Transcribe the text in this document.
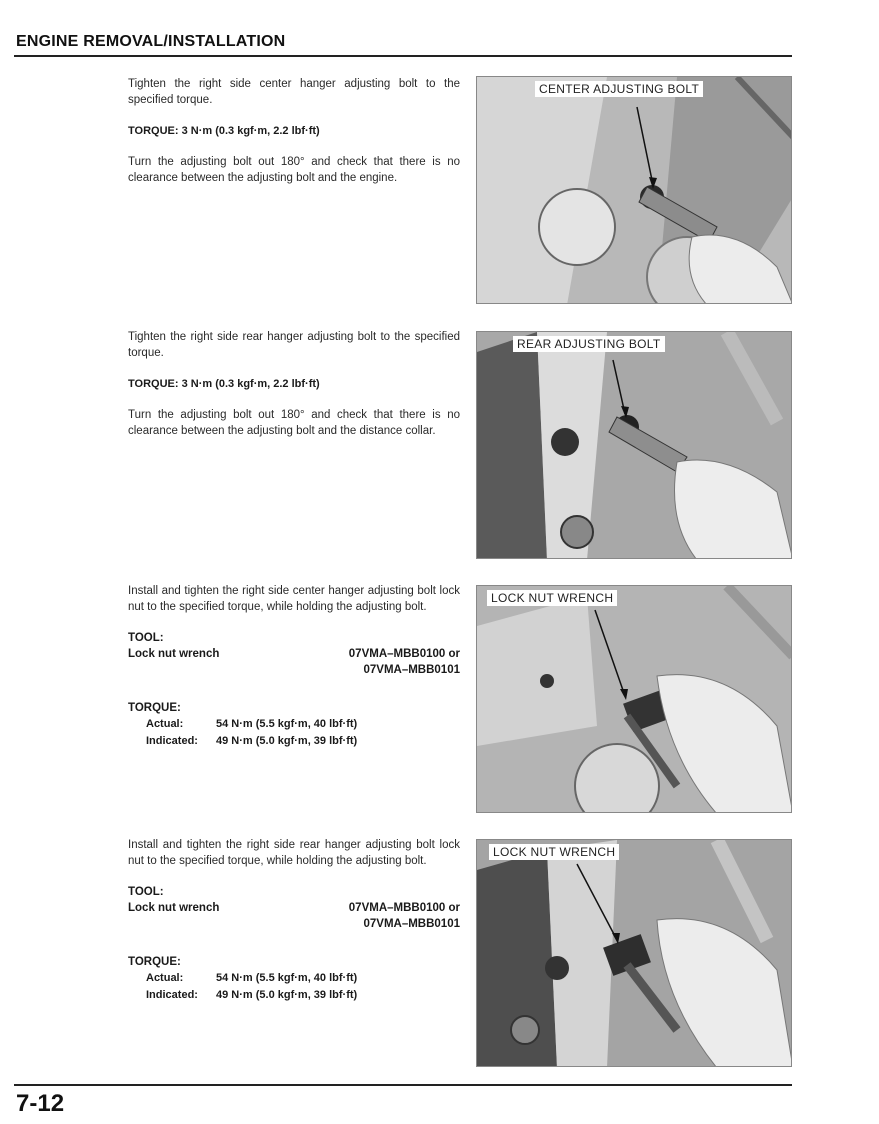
ENGINE REMOVAL/INSTALLATION

Tighten the right side center hanger adjusting bolt to the specified torque.

TORQUE: 3 N·m (0.3 kgf·m, 2.2 lbf·ft)

Turn the adjusting bolt out 180° and check that there is no clearance between the adjusting bolt and the engine.

CENTER ADJUSTING BOLT

Tighten the right side rear hanger adjusting bolt to the specified torque.

TORQUE: 3 N·m (0.3 kgf·m, 2.2 lbf·ft)

Turn the adjusting bolt out 180° and check that there is no clearance between the adjusting bolt and the distance collar.

REAR ADJUSTING BOLT

Install and tighten the right side center hanger adjusting bolt lock nut to the specified torque, while holding the adjusting bolt.

TOOL:
Lock nut wrench	07VMA–MBB0100 or
07VMA–MBB0101
TORQUE:
Actual:	54 N·m (5.5 kgf·m, 40 lbf·ft)
Indicated:	49 N·m (5.0 kgf·m, 39 lbf·ft)
LOCK NUT WRENCH

Install and tighten the right side rear hanger adjusting bolt lock nut to the specified torque, while holding the adjusting bolt.

TOOL:
Lock nut wrench	07VMA–MBB0100 or
07VMA–MBB0101
TORQUE:
Actual:	54 N·m (5.5 kgf·m, 40 lbf·ft)
Indicated:	49 N·m (5.0 kgf·m, 39 lbf·ft)
LOCK NUT WRENCH
7-12
